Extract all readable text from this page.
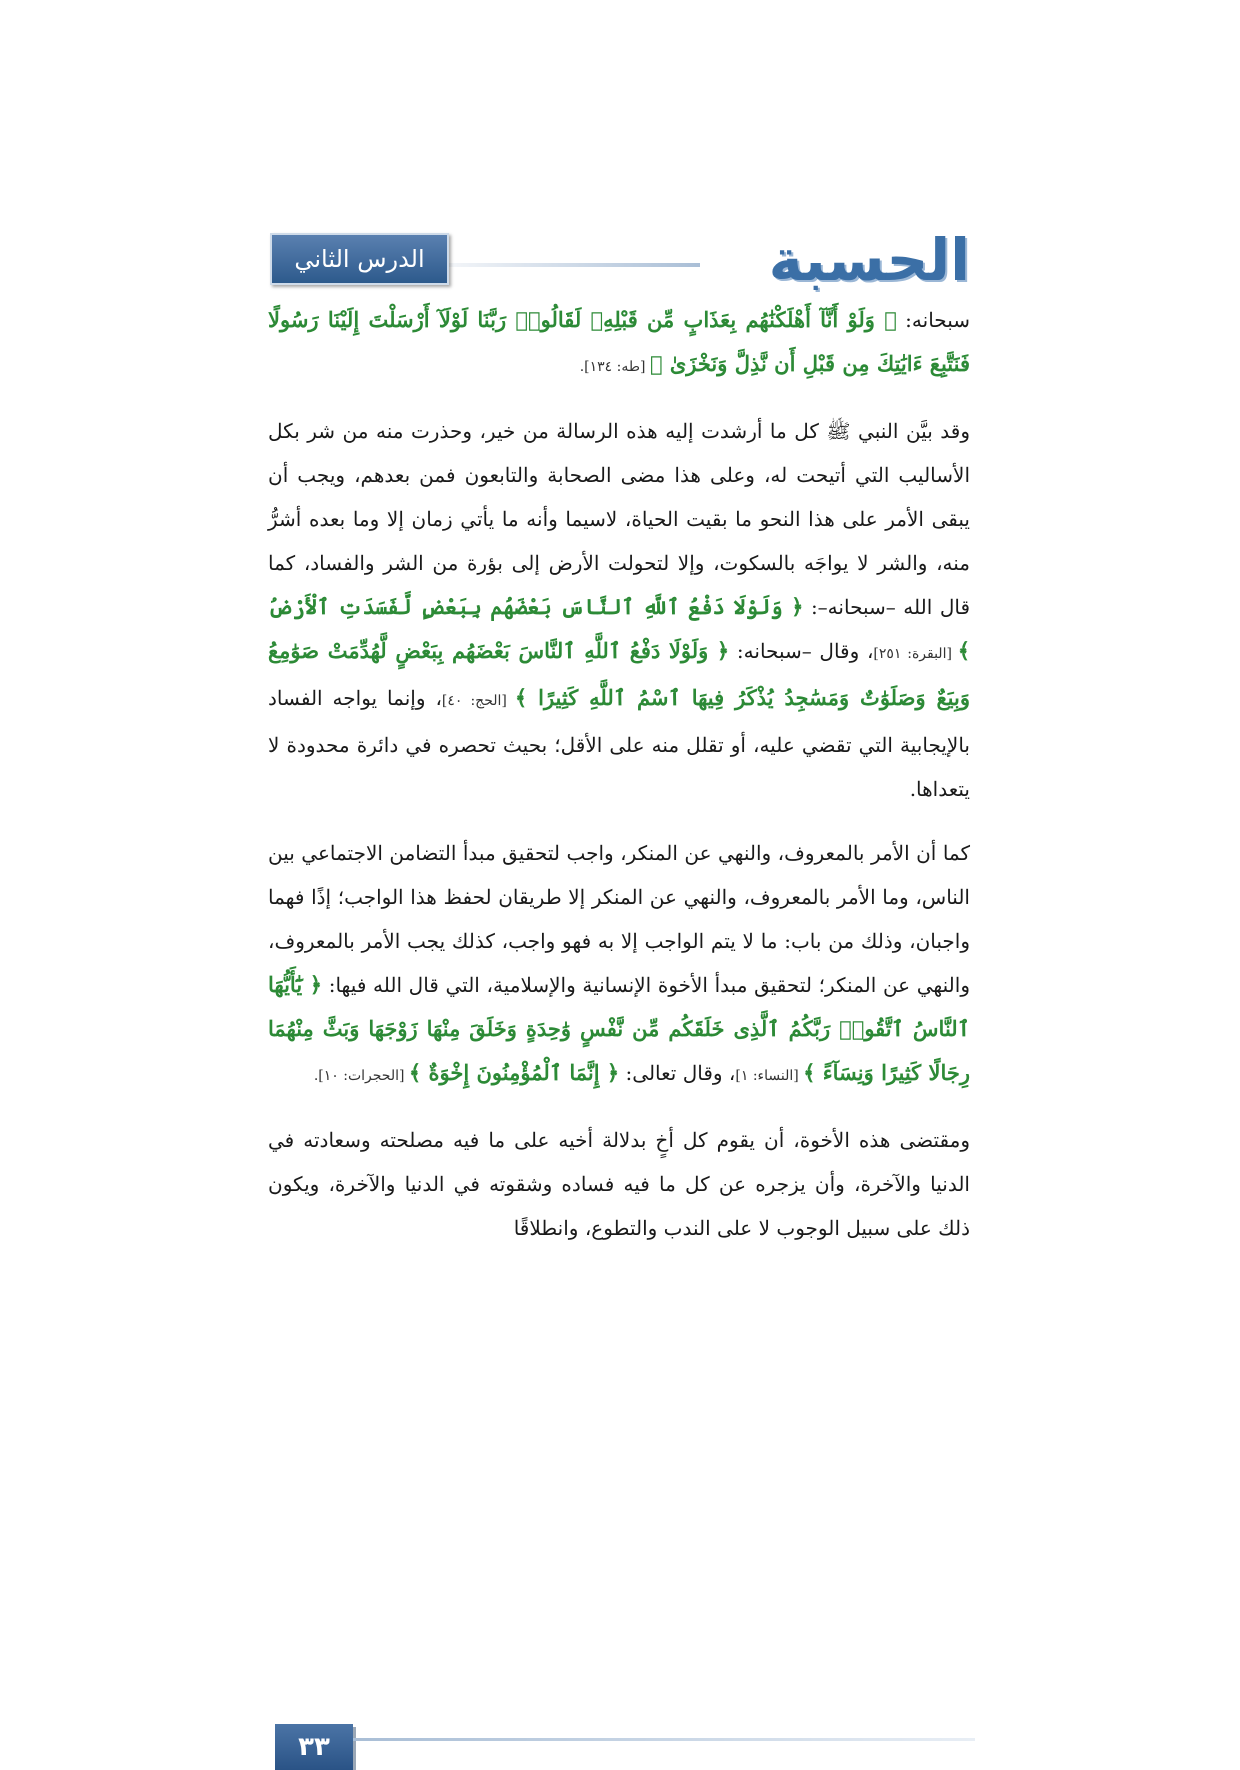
الحسبة
الدرس الثاني

سبحانه: ﴿ وَلَوْ أَنَّآ أَهْلَكْنَٰهُم بِعَذَابٍ مِّن قَبْلِهِۦ لَقَالُوا۟ رَبَّنَا لَوْلَآ أَرْسَلْتَ إِلَيْنَا رَسُولًا فَنَتَّبِعَ ءَايَٰتِكَ مِن قَبْلِ أَن نَّذِلَّ وَنَخْزَىٰ ﴾ [طه: ١٣٤].

وقد بيَّن النبي ﷺ كل ما أرشدت إليه هذه الرسالة من خير، وحذرت منه من شر بكل الأساليب التي أتيحت له، وعلى هذا مضى الصحابة والتابعون فمن بعدهم، ويجب أن يبقى الأمر على هذا النحو ما بقيت الحياة، لاسيما وأنه ما يأتي زمان إلا وما بعده أشرُّ منه، والشر لا يواجَه بالسكوت، وإلا لتحولت الأرض إلى بؤرة من الشر والفساد، كما قال الله –سبحانه–: ﴿ وَلَوْلَا دَفْعُ ٱللَّهِ ٱلنَّاسَ بَعْضَهُم بِبَعْضٍ لَّفَسَدَتِ ٱلْأَرْضُ ﴾ [البقرة: ٢٥١]، وقال –سبحانه: ﴿ وَلَوْلَا دَفْعُ ٱللَّهِ ٱلنَّاسَ بَعْضَهُم بِبَعْضٍ لَّهُدِّمَتْ صَوَٰمِعُ وَبِيَعٌ وَصَلَوَٰتٌ وَمَسَٰجِدُ يُذْكَرُ فِيهَا ٱسْمُ ٱللَّهِ كَثِيرًا ﴾ [الحج: ٤٠]، وإنما يواجه الفساد بالإيجابية التي تقضي عليه، أو تقلل منه على الأقل؛ بحيث تحصره في دائرة محدودة لا يتعداها.

كما أن الأمر بالمعروف، والنهي عن المنكر، واجب لتحقيق مبدأ التضامن الاجتماعي بين الناس، وما الأمر بالمعروف، والنهي عن المنكر إلا طريقان لحفظ هذا الواجب؛ إذًا فهما واجبان، وذلك من باب: ما لا يتم الواجب إلا به فهو واجب، كذلك يجب الأمر بالمعروف، والنهي عن المنكر؛ لتحقيق مبدأ الأخوة الإنسانية والإسلامية، التي قال الله فيها: ﴿ يَٰٓأَيُّهَا ٱلنَّاسُ ٱتَّقُوا۟ رَبَّكُمُ ٱلَّذِى خَلَقَكُم مِّن نَّفْسٍ وَٰحِدَةٍ وَخَلَقَ مِنْهَا زَوْجَهَا وَبَثَّ مِنْهُمَا رِجَالًا كَثِيرًا وَنِسَآءً ﴾ [النساء: ١]، وقال تعالى: ﴿ إِنَّمَا ٱلْمُؤْمِنُونَ إِخْوَةٌ ﴾ [الحجرات: ١٠].

ومقتضى هذه الأخوة، أن يقوم كل أخٍ بدلالة أخيه على ما فيه مصلحته وسعادته في الدنيا والآخرة، وأن يزجره عن كل ما فيه فساده وشقوته في الدنيا والآخرة، ويكون ذلك على سبيل الوجوب لا على الندب والتطوع، وانطلاقًا

٣٣
